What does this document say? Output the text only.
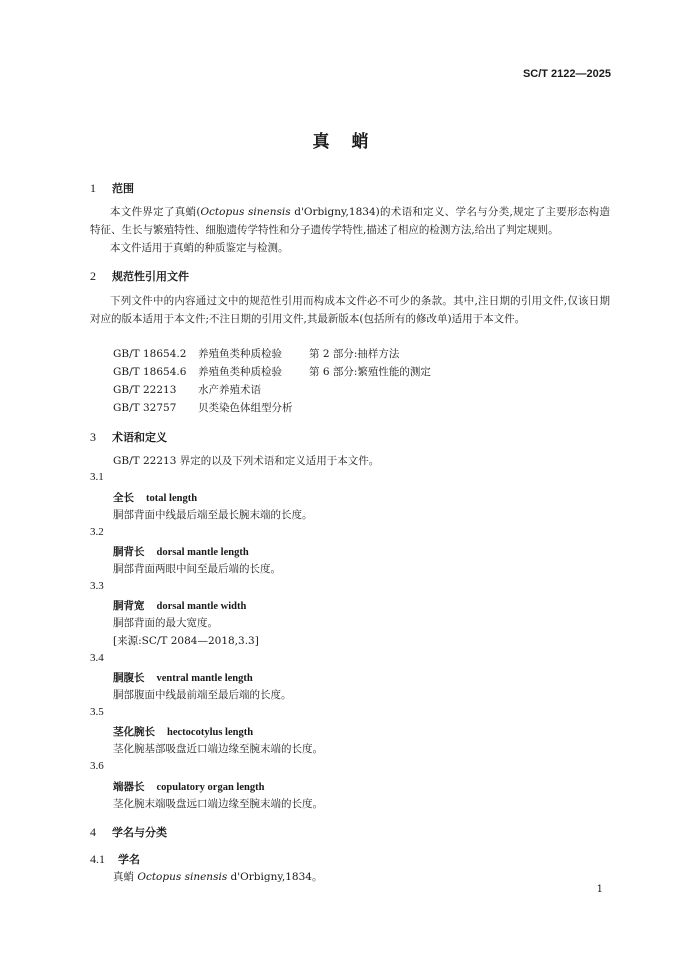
SC/T 2122—2025
真蛸
1 范围
本文件界定了真蛸(Octopus sinensis d'Orbigny,1834)的术语和定义、学名与分类,规定了主要形态构造特征、生长与繁殖特性、细胞遗传学特性和分子遗传学特性,描述了相应的检测方法,给出了判定规则。
本文件适用于真蛸的种质鉴定与检测。
2 规范性引用文件
下列文件中的内容通过文中的规范性引用而构成本文件必不可少的条款。其中,注日期的引用文件,仅该日期对应的版本适用于本文件;不注日期的引用文件,其最新版本(包括所有的修改单)适用于本文件。
GB/T 18654.2 养殖鱼类种质检验	第 2 部分:抽样方法
GB/T 18654.6 养殖鱼类种质检验	第 6 部分:繁殖性能的测定
GB/T 22213 水产养殖术语
GB/T 32757 贝类染色体组型分析
3 术语和定义
GB/T 22213 界定的以及下列术语和定义适用于本文件。
3.1
全长 total length
胴部背面中线最后端至最长腕末端的长度。
3.2
胴背长 dorsal mantle length
胴部背面两眼中间至最后端的长度。
3.3
胴背宽 dorsal mantle width
胴部背面的最大宽度。
[来源:SC/T 2084—2018,3.3]
3.4
胴腹长 ventral mantle length
胴部腹面中线最前端至最后端的长度。
3.5
茎化腕长 hectocotylus length
茎化腕基部吸盘近口端边缘至腕末端的长度。
3.6
端器长 copulatory organ length
茎化腕末端吸盘远口端边缘至腕末端的长度。
4 学名与分类
4.1 学名
真蛸 Octopus sinensis d'Orbigny,1834。
1
